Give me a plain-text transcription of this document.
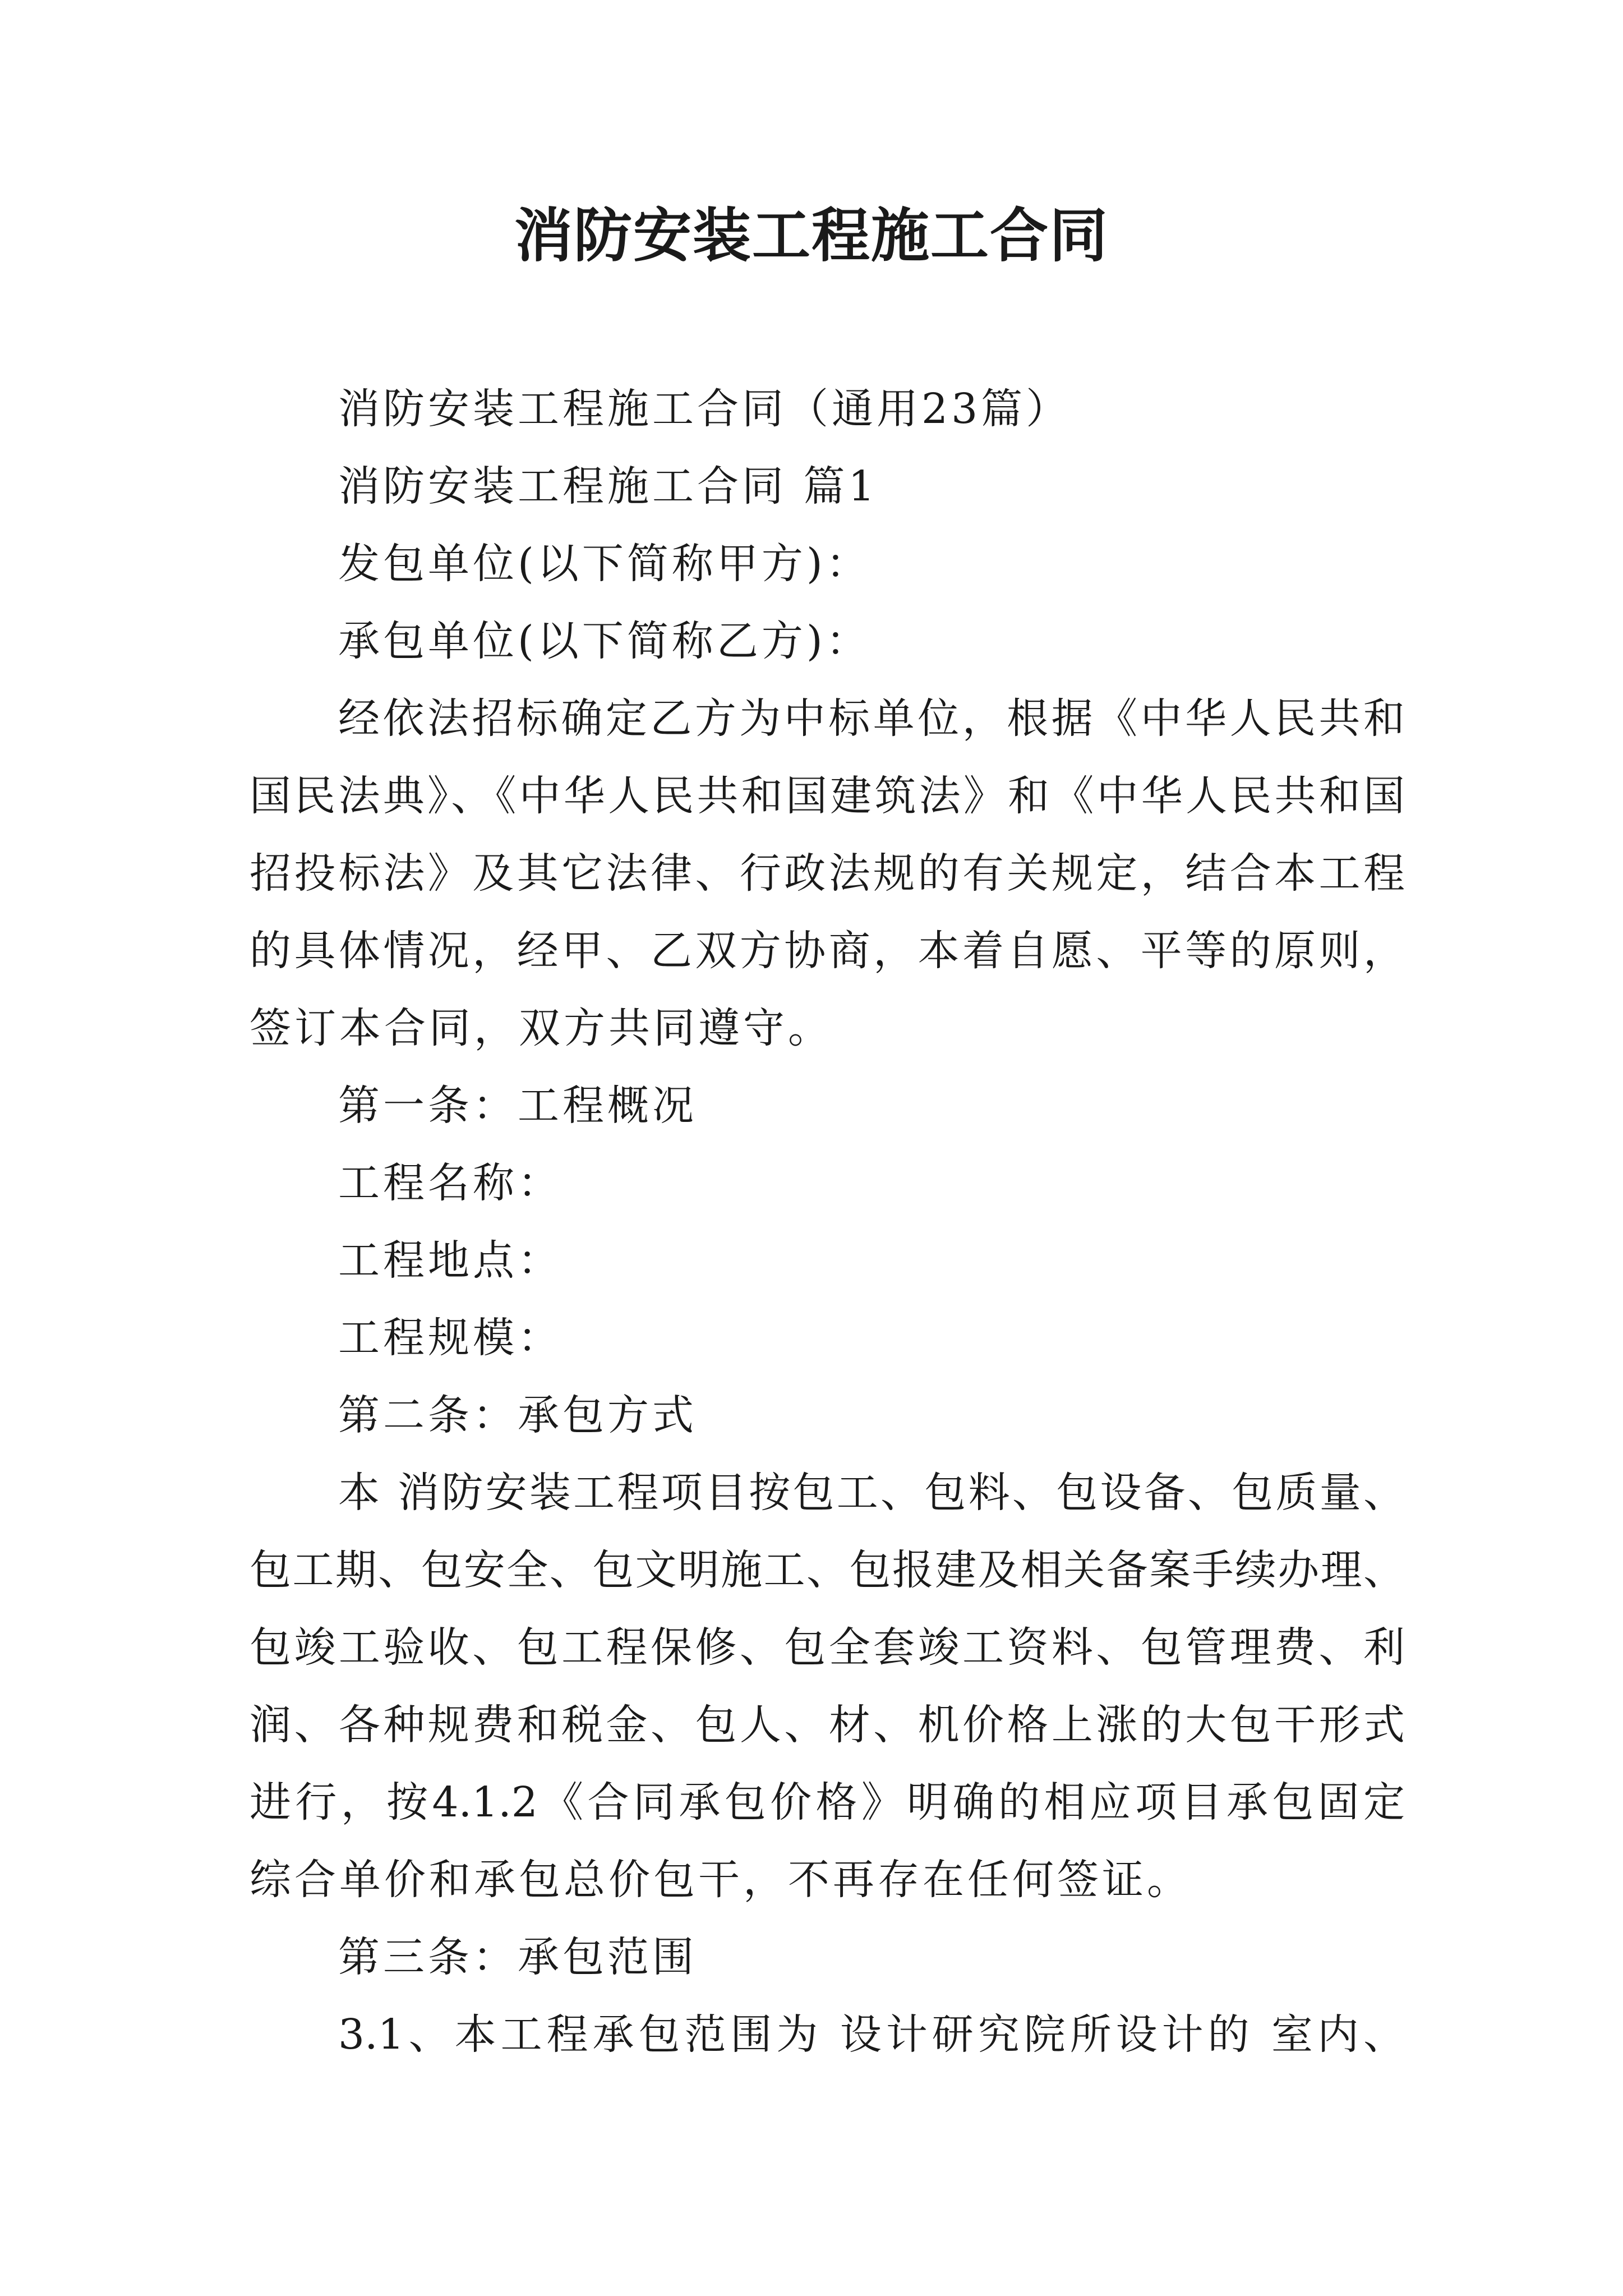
消防安装工程施工合同
消防安装工程施工合同（通用23篇）
消防安装工程施工合同 篇1
发包单位(以下简称甲方)：
承包单位(以下简称乙方)：
经依法招标确定乙方为中标单位，根据《中华人民共和
国民法典》、《中华人民共和国建筑法》和《中华人民共和国
招投标法》及其它法律、行政法规的有关规定，结合本工程
的具体情况，经甲、乙双方协商，本着自愿、平等的原则，
签订本合同，双方共同遵守。
第一条：工程概况
工程名称：
工程地点：
工程规模：
第二条：承包方式
本 消防安装工程项目按包工、包料、包设备、包质量、
包工期、包安全、包文明施工、包报建及相关备案手续办理、
包竣工验收、包工程保修、包全套竣工资料、包管理费、利
润、各种规费和税金、包人、材、机价格上涨的大包干形式
进行，按4.1.2《合同承包价格》明确的相应项目承包固定
综合单价和承包总价包干，不再存在任何签证。
第三条：承包范围
3.1、本工程承包范围为 设计研究院所设计的 室内、
